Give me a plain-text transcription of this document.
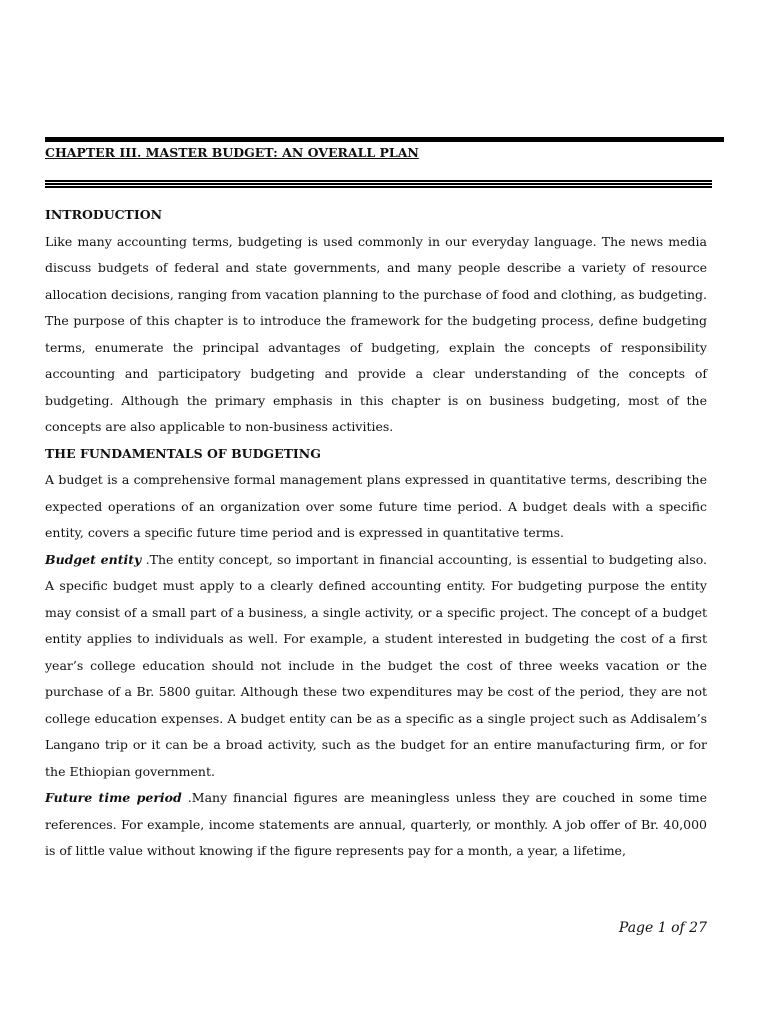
CHAPTER III. MASTER BUDGET: AN OVERALL PLAN
INTRODUCTION

Like many accounting terms, budgeting is used commonly in our everyday language. The news media discuss budgets of federal and state governments, and many people describe a variety of resource allocation decisions, ranging from vacation planning to the purchase of food and clothing, as budgeting. The purpose of this chapter is to introduce the framework for the budgeting process, define budgeting terms, enumerate the principal advantages of budgeting, explain the concepts of responsibility accounting and participatory budgeting and provide a clear understanding of the concepts of budgeting. Although the primary emphasis in this chapter is on business budgeting, most of the concepts are also applicable to non-business activities.

THE FUNDAMENTALS OF BUDGETING

A budget is a comprehensive formal management plans expressed in quantitative terms, describing the expected operations of an organization over some future time period. A budget deals with a specific entity, covers a specific future time period and is expressed in quantitative terms.

Budget entity .The entity concept, so important in financial accounting, is essential to budgeting also. A specific budget must apply to a clearly defined accounting entity. For budgeting purpose the entity may consist of a small part of a business, a single activity, or a specific project. The concept of a budget entity applies to individuals as well. For example, a student interested in budgeting the cost of a first year’s college education should not include in the budget the cost of three weeks vacation or the purchase of a Br. 5800 guitar. Although these two expenditures may be cost of the period, they are not college education expenses. A budget entity can be as a specific as a single project such as Addisalem’s Langano trip or it can be a broad activity, such as the budget for an entire manufacturing firm, or for the Ethiopian government.

Future time period .Many financial figures are meaningless unless they are couched in some time references. For example, income statements are annual, quarterly, or monthly. A job offer of Br. 40,000 is of little value without knowing if the figure represents pay for a month, a year, a lifetime,

Page 1 of 27
